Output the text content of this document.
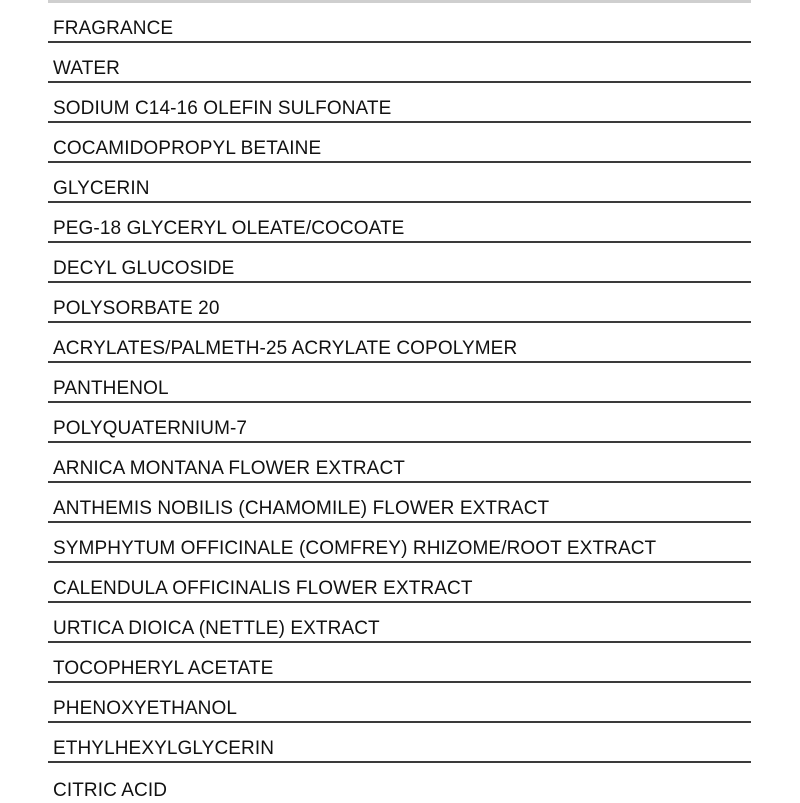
FRAGRANCE
WATER
SODIUM C14-16 OLEFIN SULFONATE
COCAMIDOPROPYL BETAINE
GLYCERIN
PEG-18 GLYCERYL OLEATE/COCOATE
DECYL GLUCOSIDE
POLYSORBATE 20
ACRYLATES/PALMETH-25 ACRYLATE COPOLYMER
PANTHENOL
POLYQUATERNIUM-7
ARNICA MONTANA FLOWER EXTRACT
ANTHEMIS NOBILIS (CHAMOMILE) FLOWER EXTRACT
SYMPHYTUM OFFICINALE (COMFREY) RHIZOME/ROOT EXTRACT
CALENDULA OFFICINALIS FLOWER EXTRACT
URTICA DIOICA (NETTLE) EXTRACT
TOCOPHERYL ACETATE
PHENOXYETHANOL
ETHYLHEXYLGLYCERIN
CITRIC ACID
